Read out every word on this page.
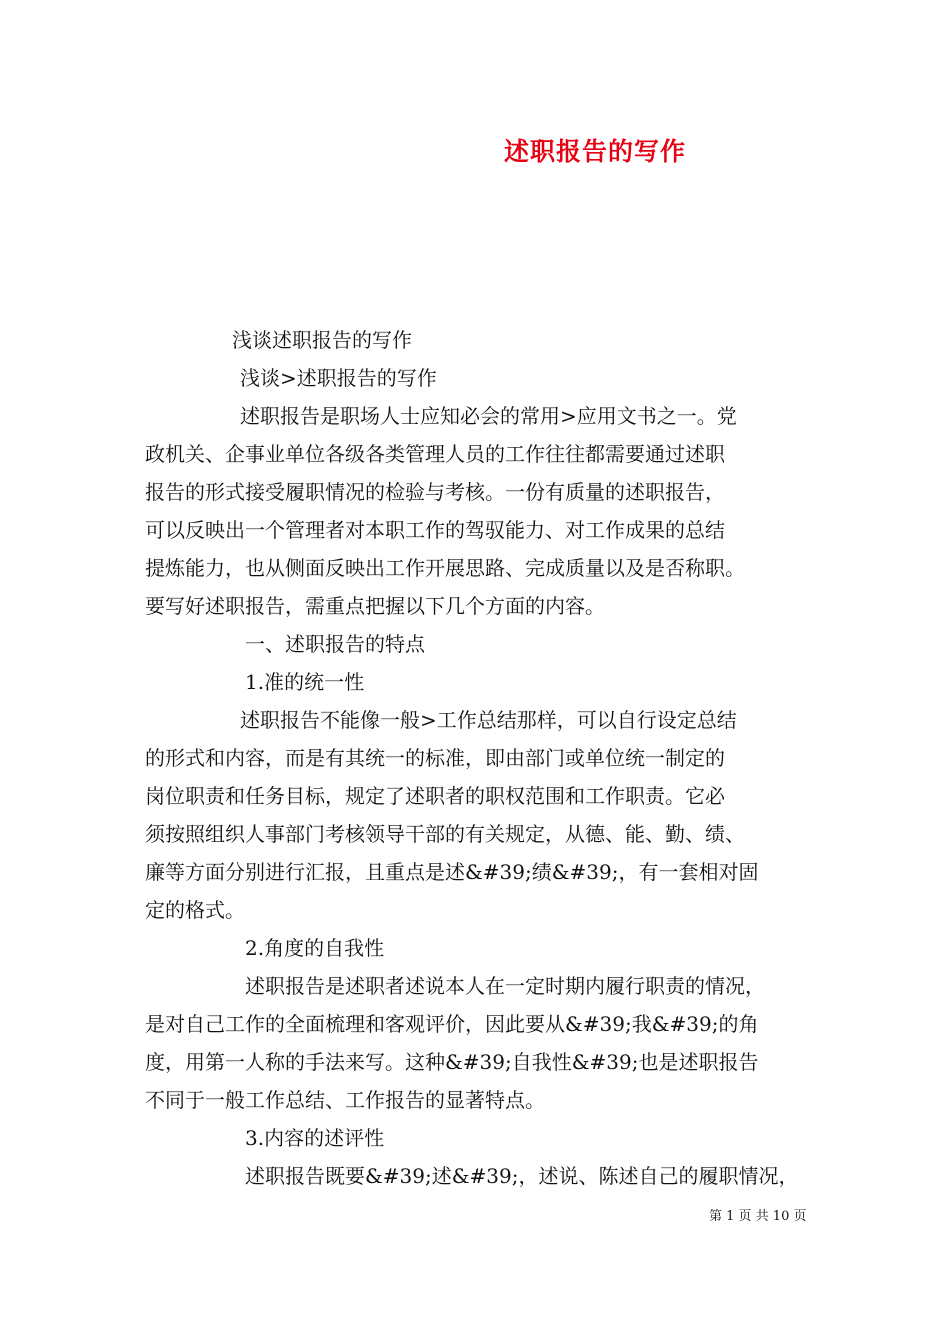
述职报告的写作
浅谈述职报告的写作
浅谈>述职报告的写作
述职报告是职场人士应知必会的常用>应用文书之一。党
政机关、企事业单位各级各类管理人员的工作往往都需要通过述职
报告的形式接受履职情况的检验与考核。一份有质量的述职报告，
可以反映出一个管理者对本职工作的驾驭能力、对工作成果的总结
提炼能力，也从侧面反映出工作开展思路、完成质量以及是否称职。
要写好述职报告，需重点把握以下几个方面的内容。
一、述职报告的特点
1.准的统一性
述职报告不能像一般>工作总结那样，可以自行设定总结
的形式和内容，而是有其统一的标准，即由部门或单位统一制定的
岗位职责和任务目标，规定了述职者的职权范围和工作职责。它必
须按照组织人事部门考核领导干部的有关规定，从德、能、勤、绩、
廉等方面分别进行汇报，且重点是述&#39;绩&#39;，有一套相对固
定的格式。
2.角度的自我性
述职报告是述职者述说本人在一定时期内履行职责的情况，
是对自己工作的全面梳理和客观评价，因此要从&#39;我&#39;的角
度，用第一人称的手法来写。这种&#39;自我性&#39;也是述职报告
不同于一般工作总结、工作报告的显著特点。
3.内容的述评性
述职报告既要&#39;述&#39;，述说、陈述自己的履职情况，
第 1 页 共 10 页
